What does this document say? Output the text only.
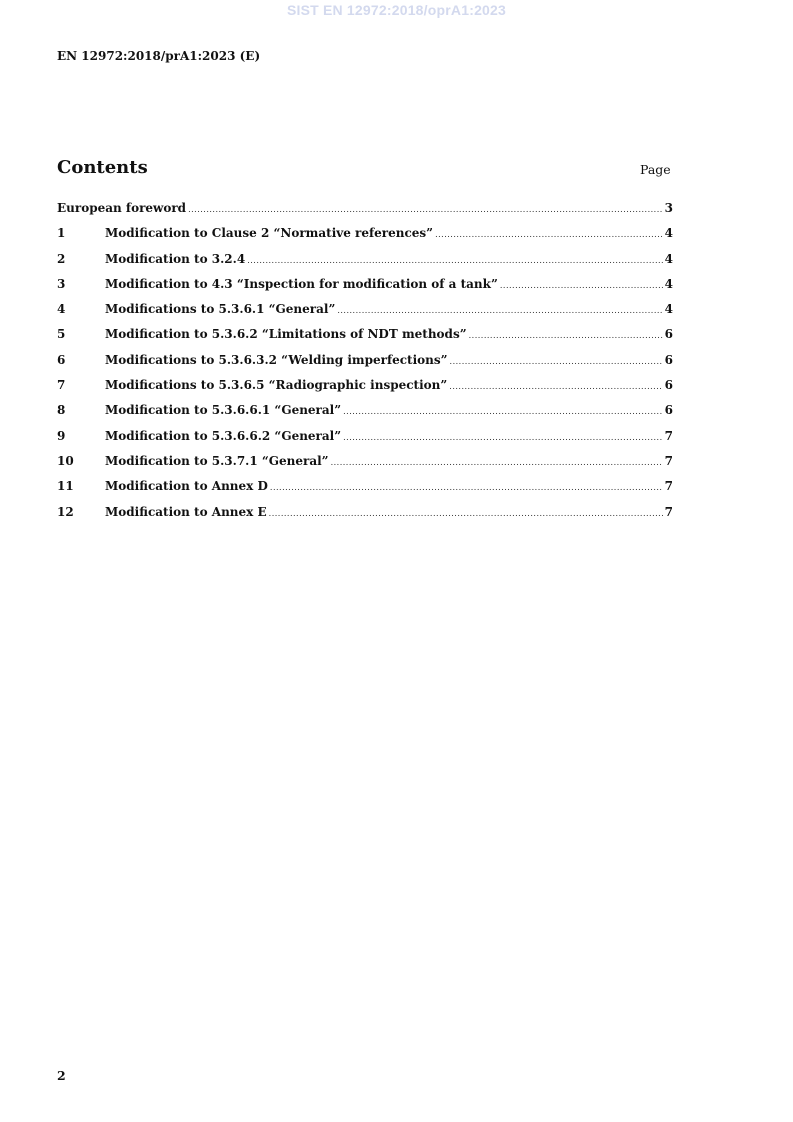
SIST EN 12972:2018/oprA1:2023
EN 12972:2018/prA1:2023 (E)
Contents	Page
European foreword .....	3
1	Modification to Clause 2 “Normative references” .....	4
2	Modification to 3.2.4 .....	4
3	Modification to 4.3 “Inspection for modification of a tank” .....	4
4	Modifications to 5.3.6.1 “General” .....	4
5	Modification to 5.3.6.2 “Limitations of NDT methods” .....	6
6	Modifications to 5.3.6.3.2 “Welding imperfections” .....	6
7	Modifications to 5.3.6.5 “Radiographic inspection” .....	6
8	Modification to 5.3.6.6.1 “General” .....	6
9	Modification to 5.3.6.6.2 “General” .....	7
10	Modification to 5.3.7.1 “General” .....	7
11	Modification to Annex D .....	7
12	Modification to Annex E .....	7
2
